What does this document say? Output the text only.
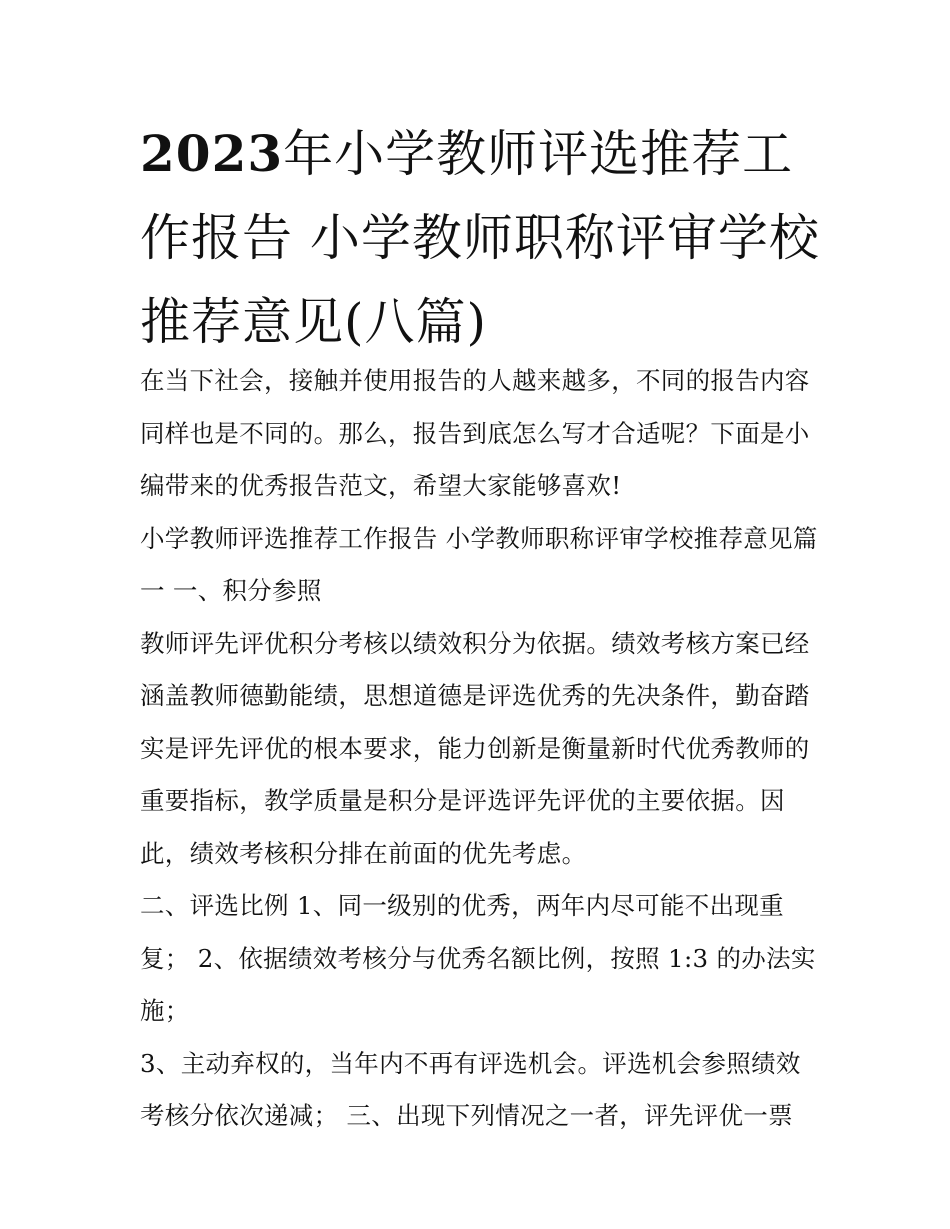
2023年小学教师评选推荐工作报告 小学教师职称评审学校推荐意见(八篇)

在当下社会，接触并使用报告的人越来越多，不同的报告内容同样也是不同的。那么，报告到底怎么写才合适呢？下面是小编带来的优秀报告范文，希望大家能够喜欢!

小学教师评选推荐工作报告 小学教师职称评审学校推荐意见篇一 一、积分参照

教师评先评优积分考核以绩效积分为依据。绩效考核方案已经涵盖教师德勤能绩，思想道德是评选优秀的先决条件，勤奋踏实是评先评优的根本要求，能力创新是衡量新时代优秀教师的重要指标，教学质量是积分是评选评先评优的主要依据。因此，绩效考核积分排在前面的优先考虑。

二、评选比例 1、同一级别的优秀，两年内尽可能不出现重复； 2、依据绩效考核分与优秀名额比例，按照 1:3 的办法实施；

3、主动弃权的，当年内不再有评选机会。评选机会参照绩效考核分依次递减； 三、出现下列情况之一者，评先评优一票
